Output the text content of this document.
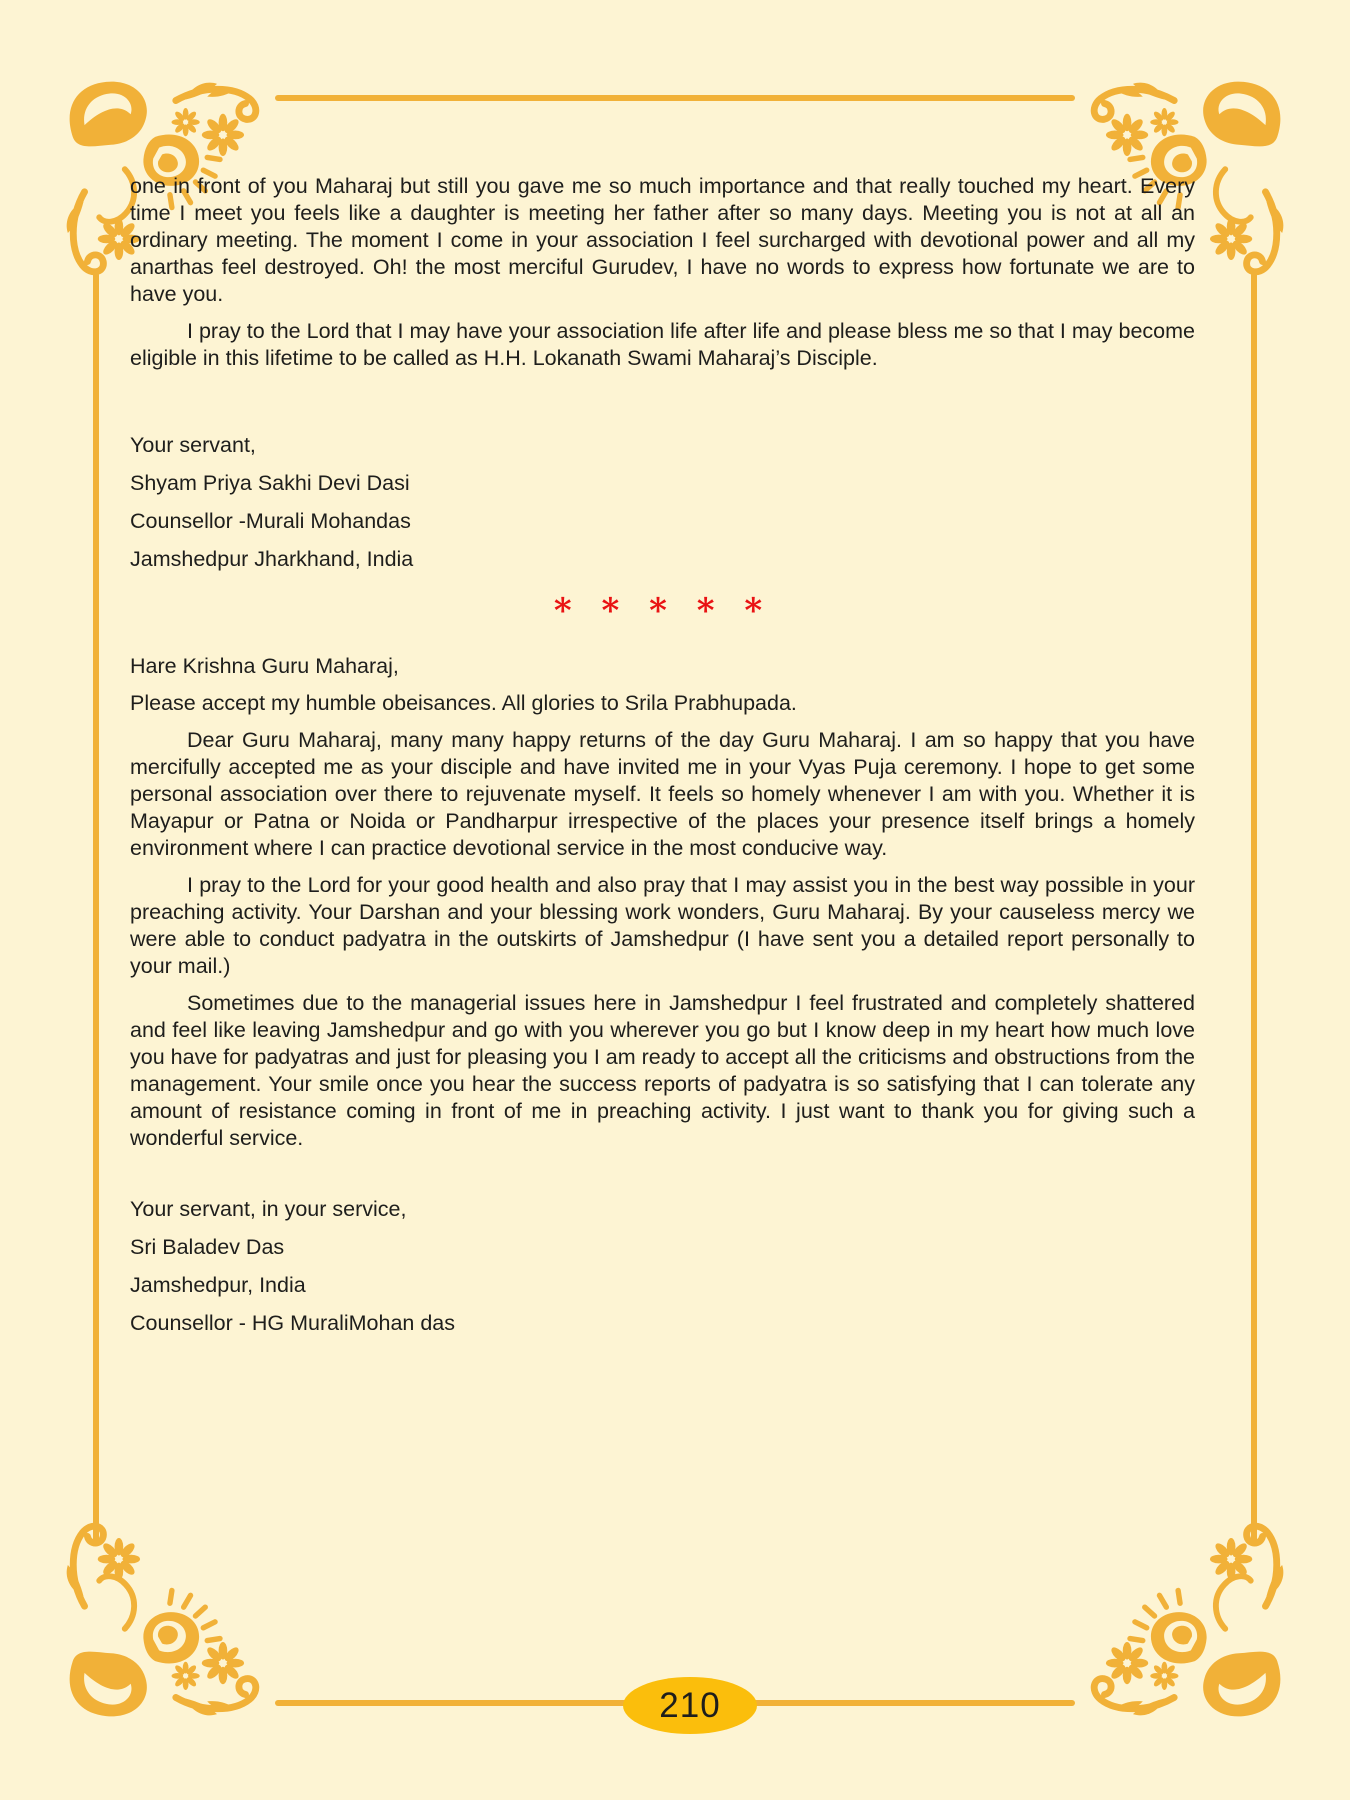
210

one in front of you Maharaj but still you gave me so much importance and that really touched my heart. Every time I meet you feels like a daughter is meeting her father after so many days. Meeting you is not at all an ordinary meeting. The moment I come in your association I feel surcharged with devotional power and all my anarthas feel destroyed. Oh! the most merciful Gurudev, I have no words to express how fortunate we are to have you.

I pray to the Lord that I may have your association life after life and please bless me so that I may become eligible in this lifetime to be called as H.H. Lokanath Swami Maharaj’s Disciple.

Your servant,

Shyam Priya Sakhi Devi Dasi

Counsellor -Murali Mohandas

Jamshedpur Jharkhand, India

* * * * *

Hare Krishna Guru Maharaj,

Please accept my humble obeisances. All glories to Srila Prabhupada.

Dear Guru Maharaj, many many happy returns of the day Guru Maharaj. I am so happy that you have mercifully accepted me as your disciple and have invited me in your Vyas Puja ceremony. I hope to get some personal association over there to rejuvenate myself. It feels so homely whenever I am with you. Whether it is Mayapur or Patna or Noida or Pandharpur irrespective of the places your presence itself brings a homely environment where I can practice devotional service in the most conducive way.

I pray to the Lord for your good health and also pray that I may assist you in the best way possible in your preaching activity. Your Darshan and your blessing work wonders, Guru Maharaj. By your causeless mercy we were able to conduct padyatra in the outskirts of Jamshedpur (I have sent you a detailed report personally to your mail.)

Sometimes due to the managerial issues here in Jamshedpur I feel frustrated and completely shattered and feel like leaving Jamshedpur and go with you wherever you go but I know deep in my heart how much love you have for padyatras and just for pleasing you I am ready to accept all the criticisms and obstructions from the management. Your smile once you hear the success reports of padyatra is so satisfying that I can tolerate any amount of resistance coming in front of me in preaching activity. I just want to thank you for giving such a wonderful service.

Your servant, in your service,

Sri Baladev Das

Jamshedpur, India

Counsellor - HG MuraliMohan das
